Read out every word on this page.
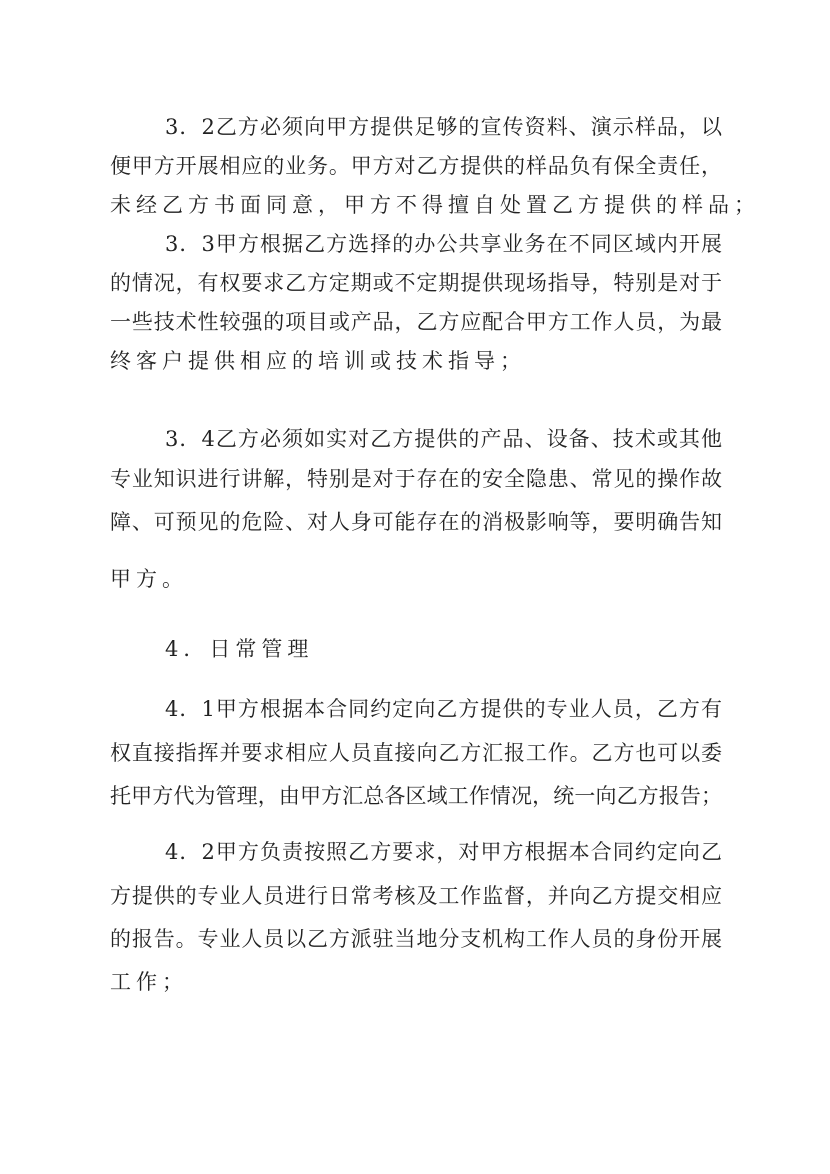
3．2乙方必须向甲方提供足够的宣传资料、演示样品，以
便甲方开展相应的业务。甲方对乙方提供的样品负有保全责任，
未经乙方书面同意，甲方不得擅自处置乙方提供的样品；
3．3甲方根据乙方选择的办公共享业务在不同区域内开展
的情况，有权要求乙方定期或不定期提供现场指导，特别是对于
一些技术性较强的项目或产品，乙方应配合甲方工作人员，为最
终客户提供相应的培训或技术指导；
3．4乙方必须如实对乙方提供的产品、设备、技术或其他
专业知识进行讲解，特别是对于存在的安全隐患、常见的操作故
障、可预见的危险、对人身可能存在的消极影响等，要明确告知
甲方。
4．日常管理
4．1甲方根据本合同约定向乙方提供的专业人员，乙方有
权直接指挥并要求相应人员直接向乙方汇报工作。乙方也可以委
托甲方代为管理，由甲方汇总各区域工作情况，统一向乙方报告；
4．2甲方负责按照乙方要求，对甲方根据本合同约定向乙
方提供的专业人员进行日常考核及工作监督，并向乙方提交相应
的报告。专业人员以乙方派驻当地分支机构工作人员的身份开展
工作；
